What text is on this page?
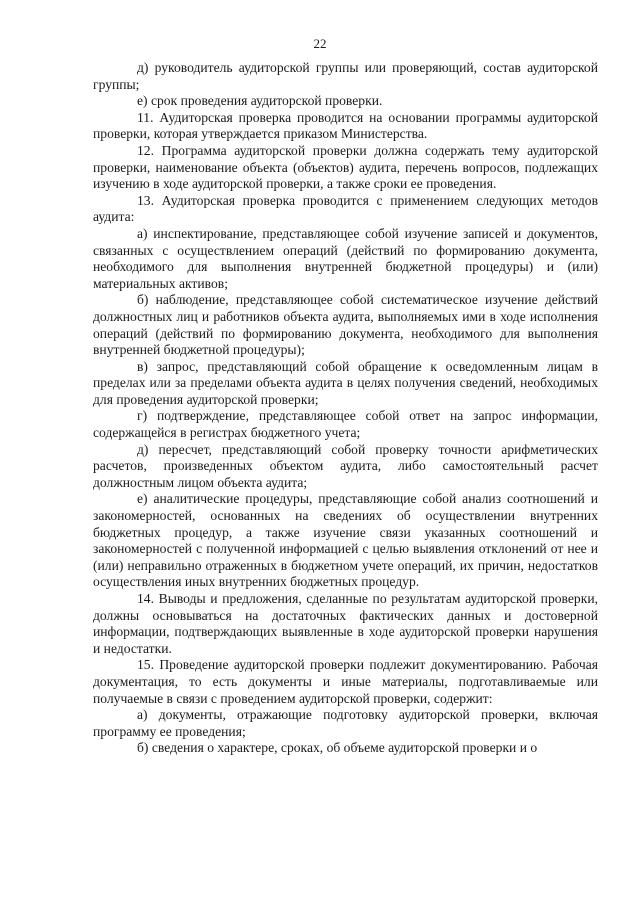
22

д) руководитель аудиторской группы или проверяющий, состав аудиторской группы;

е) срок проведения аудиторской проверки.

11. Аудиторская проверка проводится на основании программы аудиторской проверки, которая утверждается приказом Министерства.

12. Программа аудиторской проверки должна содержать тему аудиторской проверки, наименование объекта (объектов) аудита, перечень вопросов, подлежащих изучению в ходе аудиторской проверки, а также сроки ее проведения.

13. Аудиторская проверка проводится с применением следующих методов аудита:

а) инспектирование, представляющее собой изучение записей и документов, связанных с осуществлением операций (действий по формированию документа, необходимого для выполнения внутренней бюджетной процедуры) и (или) материальных активов;

б) наблюдение, представляющее собой систематическое изучение действий должностных лиц и работников объекта аудита, выполняемых ими в ходе исполнения операций (действий по формированию документа, необходимого для выполнения внутренней бюджетной процедуры);

в) запрос, представляющий собой обращение к осведомленным лицам в пределах или за пределами объекта аудита в целях получения сведений, необходимых для проведения аудиторской проверки;

г) подтверждение, представляющее собой ответ на запрос информации, содержащейся в регистрах бюджетного учета;

д) пересчет, представляющий собой проверку точности арифметических расчетов, произведенных объектом аудита, либо самостоятельный расчет должностным лицом объекта аудита;

е) аналитические процедуры, представляющие собой анализ соотношений и закономерностей, основанных на сведениях об осуществлении внутренних бюджетных процедур, а также изучение связи указанных соотношений и закономерностей с полученной информацией с целью выявления отклонений от нее и (или) неправильно отраженных в бюджетном учете операций, их причин, недостатков осуществления иных внутренних бюджетных процедур.

14. Выводы и предложения, сделанные по результатам аудиторской проверки, должны основываться на достаточных фактических данных и достоверной информации, подтверждающих выявленные в ходе аудиторской проверки нарушения и недостатки.

15. Проведение аудиторской проверки подлежит документированию. Рабочая документация, то есть документы и иные материалы, подготавливаемые или получаемые в связи с проведением аудиторской проверки, содержит:

а) документы, отражающие подготовку аудиторской проверки, включая программу ее проведения;

б) сведения о характере, сроках, об объеме аудиторской проверки и о
